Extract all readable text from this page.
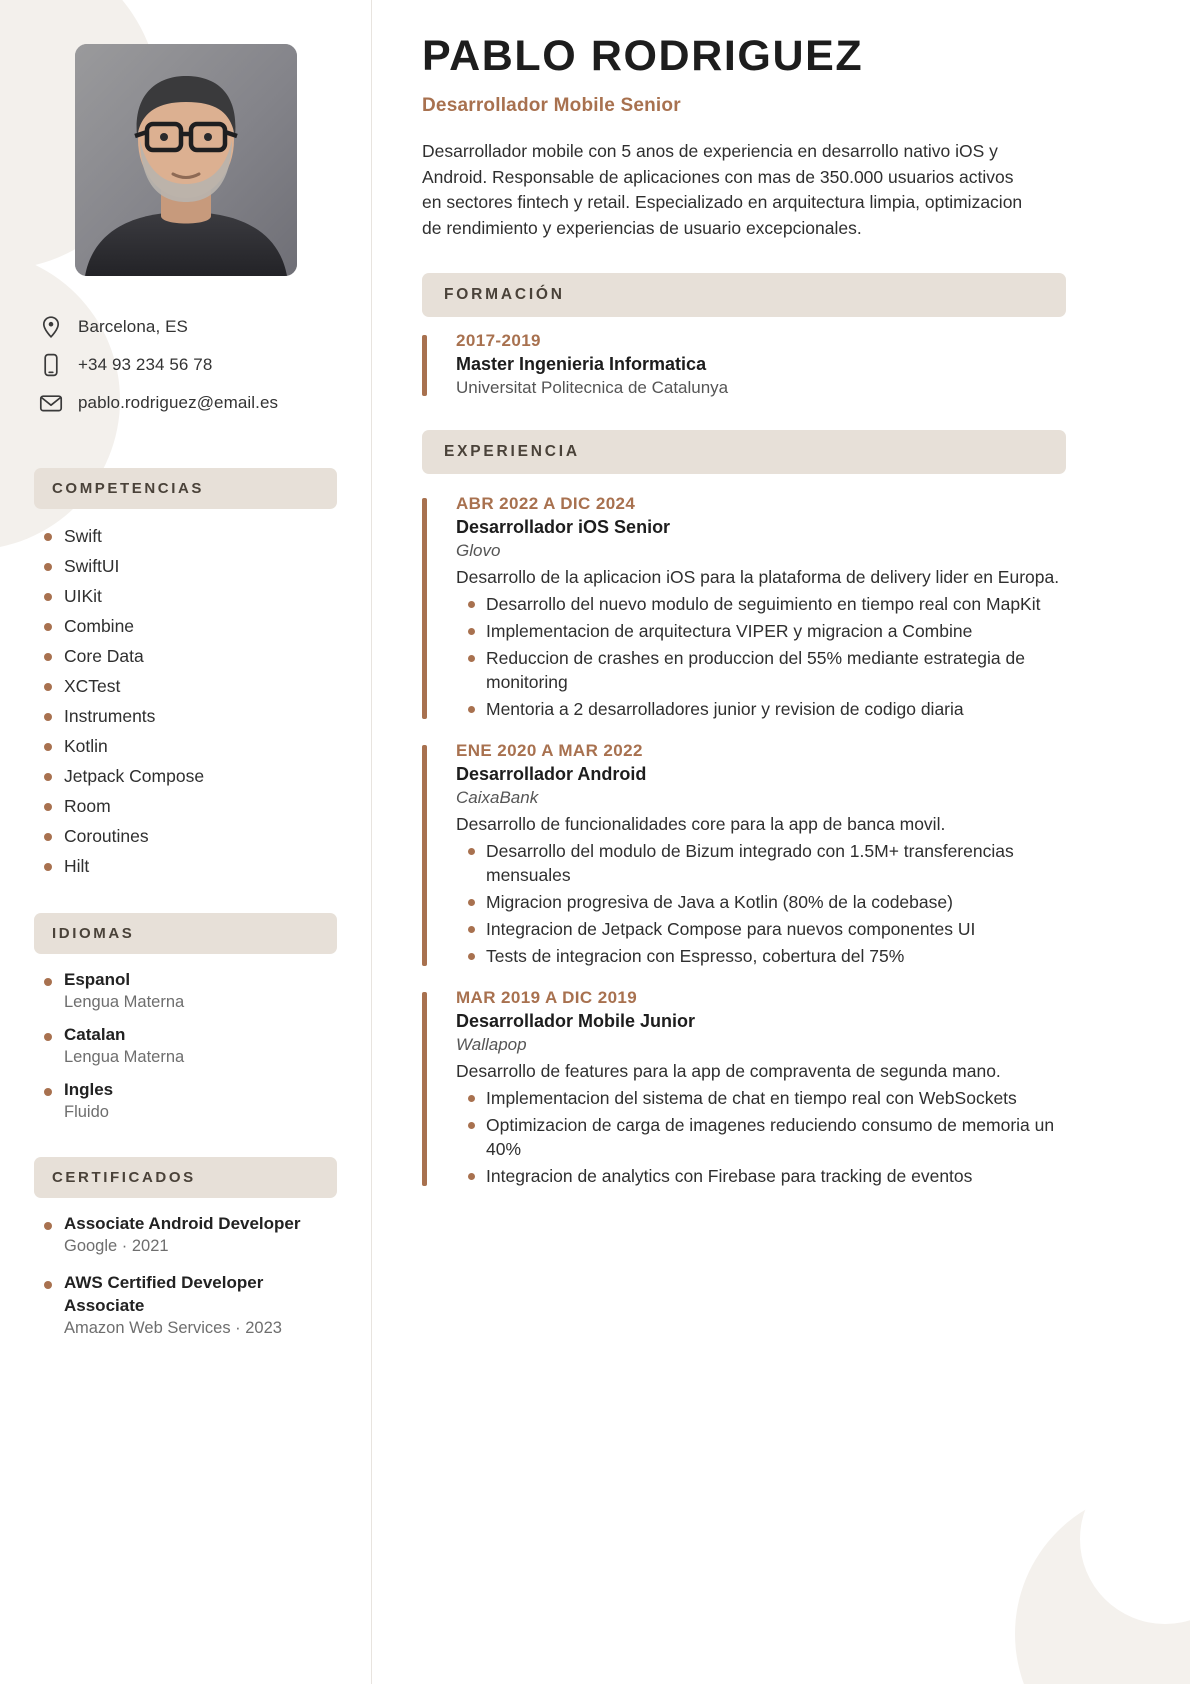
Barcelona, ES
+34 93 234 56 78
pablo.rodriguez@email.es
COMPETENCIAS
Swift
SwiftUI
UIKit
Combine
Core Data
XCTest
Instruments
Kotlin
Jetpack Compose
Room
Coroutines
Hilt
IDIOMAS
Espanol
Lengua Materna
Catalan
Lengua Materna
Ingles
Fluido
CERTIFICADOS
Associate Android Developer
Google · 2021
AWS Certified Developer Associate
Amazon Web Services · 2023
PABLO RODRIGUEZ
Desarrollador Mobile Senior

Desarrollador mobile con 5 anos de experiencia en desarrollo nativo iOS y Android. Responsable de aplicaciones con mas de 350.000 usuarios activos en sectores fintech y retail. Especializado en arquitectura limpia, optimizacion de rendimiento y experiencias de usuario excepcionales.

FORMACIÓN
2017-2019
Master Ingenieria Informatica
Universitat Politecnica de Catalunya
EXPERIENCIA
ABR 2022 A DIC 2024
Desarrollador iOS Senior
Glovo
Desarrollo de la aplicacion iOS para la plataforma de delivery lider en Europa.
Desarrollo del nuevo modulo de seguimiento en tiempo real con MapKit
Implementacion de arquitectura VIPER y migracion a Combine
Reduccion de crashes en produccion del 55% mediante estrategia de monitoring
Mentoria a 2 desarrolladores junior y revision de codigo diaria
ENE 2020 A MAR 2022
Desarrollador Android
CaixaBank
Desarrollo de funcionalidades core para la app de banca movil.
Desarrollo del modulo de Bizum integrado con 1.5M+ transferencias mensuales
Migracion progresiva de Java a Kotlin (80% de la codebase)
Integracion de Jetpack Compose para nuevos componentes UI
Tests de integracion con Espresso, cobertura del 75%
MAR 2019 A DIC 2019
Desarrollador Mobile Junior
Wallapop
Desarrollo de features para la app de compraventa de segunda mano.
Implementacion del sistema de chat en tiempo real con WebSockets
Optimizacion de carga de imagenes reduciendo consumo de memoria un 40%
Integracion de analytics con Firebase para tracking de eventos
